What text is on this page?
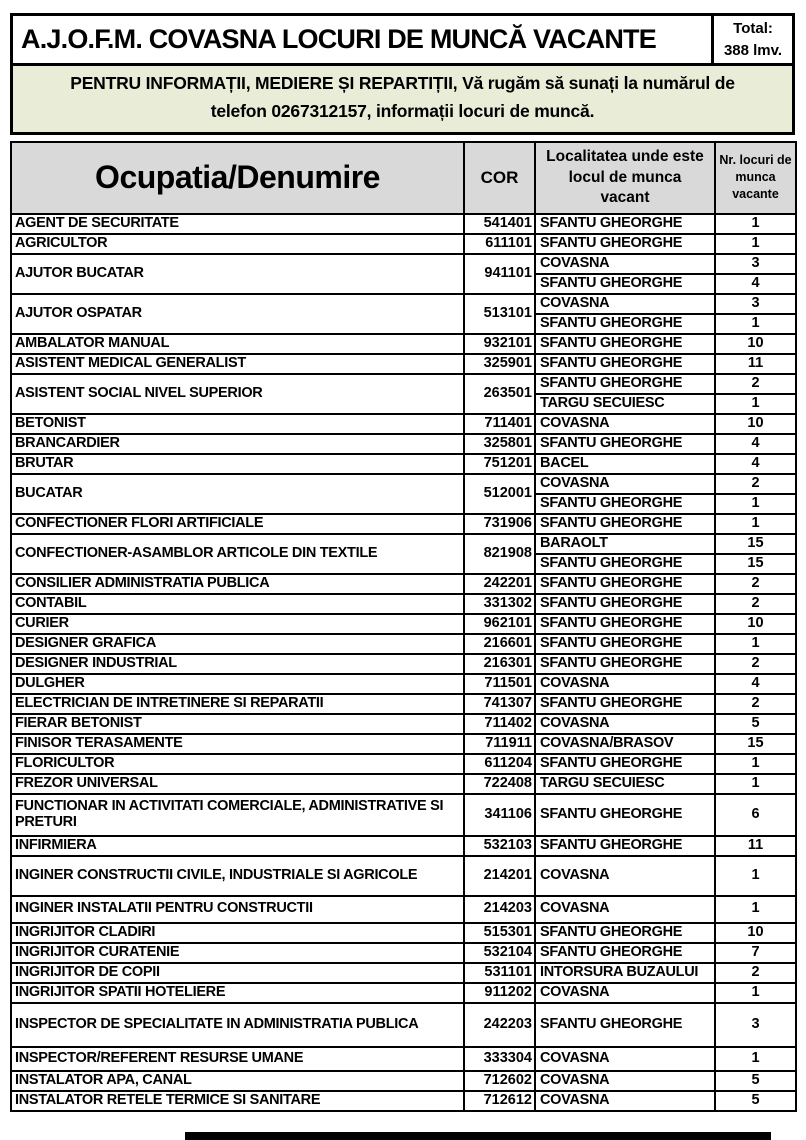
A.J.O.F.M. COVASNA LOCURI DE MUNCĂ VACANTE	Total:
388 lmv.
PENTRU INFORMAȚII, MEDIERE ȘI REPARTIȚII, Vă rugăm să sunați la numărul de
telefon 0267312157, informații locuri de muncă.
Ocupatia/Denumire	COR	Localitatea unde este locul de munca vacant	Nr. locuri de munca vacante
AGENT DE SECURITATE	541401	SFANTU GHEORGHE	1
AGRICULTOR	611101	SFANTU GHEORGHE	1
AJUTOR BUCATAR	941101	COVASNA	3
		SFANTU GHEORGHE	4
AJUTOR OSPATAR	513101	COVASNA	3
		SFANTU GHEORGHE	1
AMBALATOR MANUAL	932101	SFANTU GHEORGHE	10
ASISTENT MEDICAL GENERALIST	325901	SFANTU GHEORGHE	11
ASISTENT SOCIAL NIVEL SUPERIOR	263501	SFANTU GHEORGHE	2
		TARGU SECUIESC	1
BETONIST	711401	COVASNA	10
BRANCARDIER	325801	SFANTU GHEORGHE	4
BRUTAR	751201	BACEL	4
BUCATAR	512001	COVASNA	2
		SFANTU GHEORGHE	1
CONFECTIONER FLORI ARTIFICIALE	731906	SFANTU GHEORGHE	1
CONFECTIONER-ASAMBLOR ARTICOLE DIN TEXTILE	821908	BARAOLT	15
		SFANTU GHEORGHE	15
CONSILIER ADMINISTRATIA PUBLICA	242201	SFANTU GHEORGHE	2
CONTABIL	331302	SFANTU GHEORGHE	2
CURIER	962101	SFANTU GHEORGHE	10
DESIGNER GRAFICA	216601	SFANTU GHEORGHE	1
DESIGNER INDUSTRIAL	216301	SFANTU GHEORGHE	2
DULGHER	711501	COVASNA	4
ELECTRICIAN DE INTRETINERE SI REPARATII	741307	SFANTU GHEORGHE	2
FIERAR BETONIST	711402	COVASNA	5
FINISOR TERASAMENTE	711911	COVASNA/BRASOV	15
FLORICULTOR	611204	SFANTU GHEORGHE	1
FREZOR UNIVERSAL	722408	TARGU SECUIESC	1
FUNCTIONAR IN ACTIVITATI COMERCIALE, ADMINISTRATIVE SI PRETURI	341106	SFANTU GHEORGHE	6
INFIRMIERA	532103	SFANTU GHEORGHE	11
INGINER CONSTRUCTII CIVILE, INDUSTRIALE SI AGRICOLE	214201	COVASNA	1
INGINER INSTALATII PENTRU CONSTRUCTII	214203	COVASNA	1
INGRIJITOR CLADIRI	515301	SFANTU GHEORGHE	10
INGRIJITOR CURATENIE	532104	SFANTU GHEORGHE	7
INGRIJITOR DE COPII	531101	INTORSURA BUZAULUI	2
INGRIJITOR SPATII HOTELIERE	911202	COVASNA	1
INSPECTOR DE SPECIALITATE IN ADMINISTRATIA PUBLICA	242203	SFANTU GHEORGHE	3
INSPECTOR/REFERENT RESURSE UMANE	333304	COVASNA	1
INSTALATOR APA, CANAL	712602	COVASNA	5
INSTALATOR RETELE TERMICE SI SANITARE	712612	COVASNA	5
